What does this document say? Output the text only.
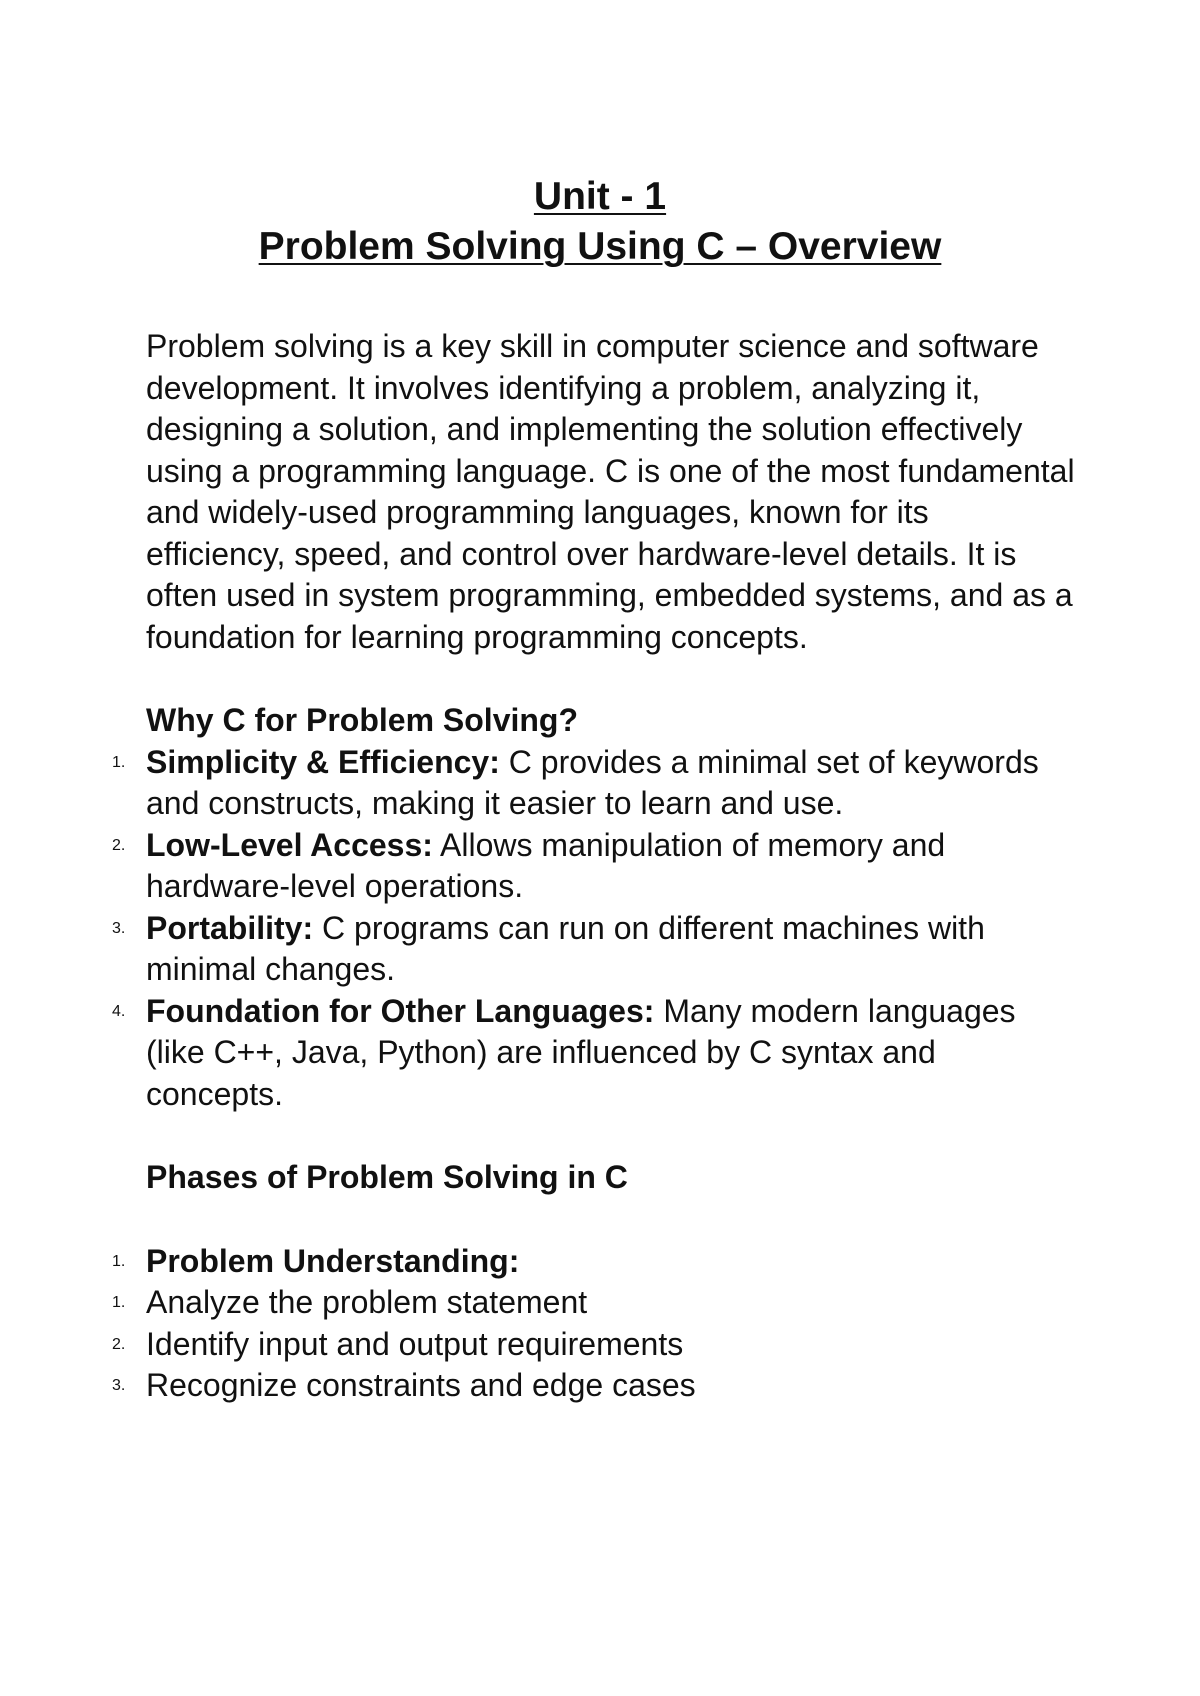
Unit - 1

Problem Solving Using C – Overview

Problem solving is a key skill in computer science and software development. It involves identifying a problem, analyzing it, designing a solution, and implementing the solution effectively using a programming language. C is one of the most fundamental and widely-used programming languages, known for its efficiency, speed, and control over hardware-level details. It is often used in system programming, embedded systems, and as a foundation for learning programming concepts.

Why C for Problem Solving?

1. Simplicity & Efficiency: C provides a minimal set of keywords and constructs, making it easier to learn and use.
2. Low-Level Access: Allows manipulation of memory and hardware-level operations.
3. Portability: C programs can run on different machines with minimal changes.
4. Foundation for Other Languages: Many modern languages (like C++, Java, Python) are influenced by C syntax and concepts.

Phases of Problem Solving in C

1. Problem Understanding:
1. Analyze the problem statement
2. Identify input and output requirements
3. Recognize constraints and edge cases
